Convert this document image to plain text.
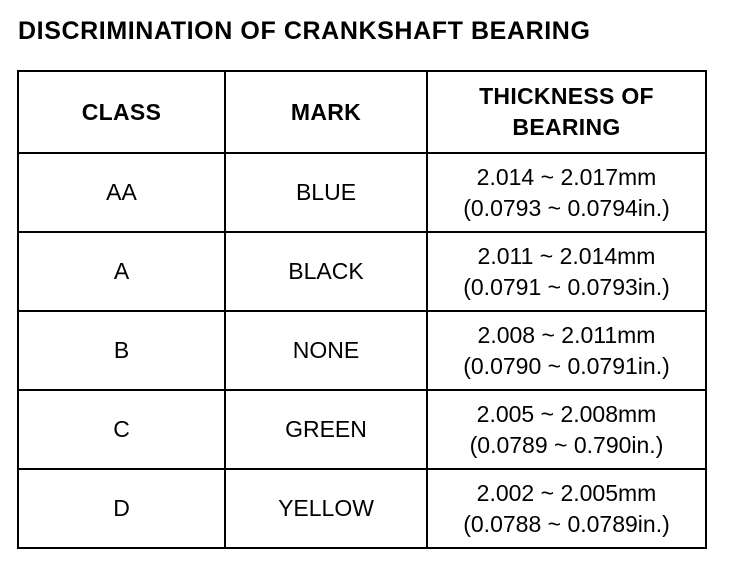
DISCRIMINATION OF CRANKSHAFT BEARING
CLASS	MARK	THICKNESS OF
BEARING

AA	BLUE	2.014 ~ 2.017mm
(0.0793 ~ 0.0794in.)

A	BLACK	2.011 ~ 2.014mm
(0.0791 ~ 0.0793in.)

B	NONE	2.008 ~ 2.011mm
(0.0790 ~ 0.0791in.)

C	GREEN	2.005 ~ 2.008mm
(0.0789 ~ 0.790in.)

D	YELLOW	2.002 ~ 2.005mm
(0.0788 ~ 0.0789in.)
